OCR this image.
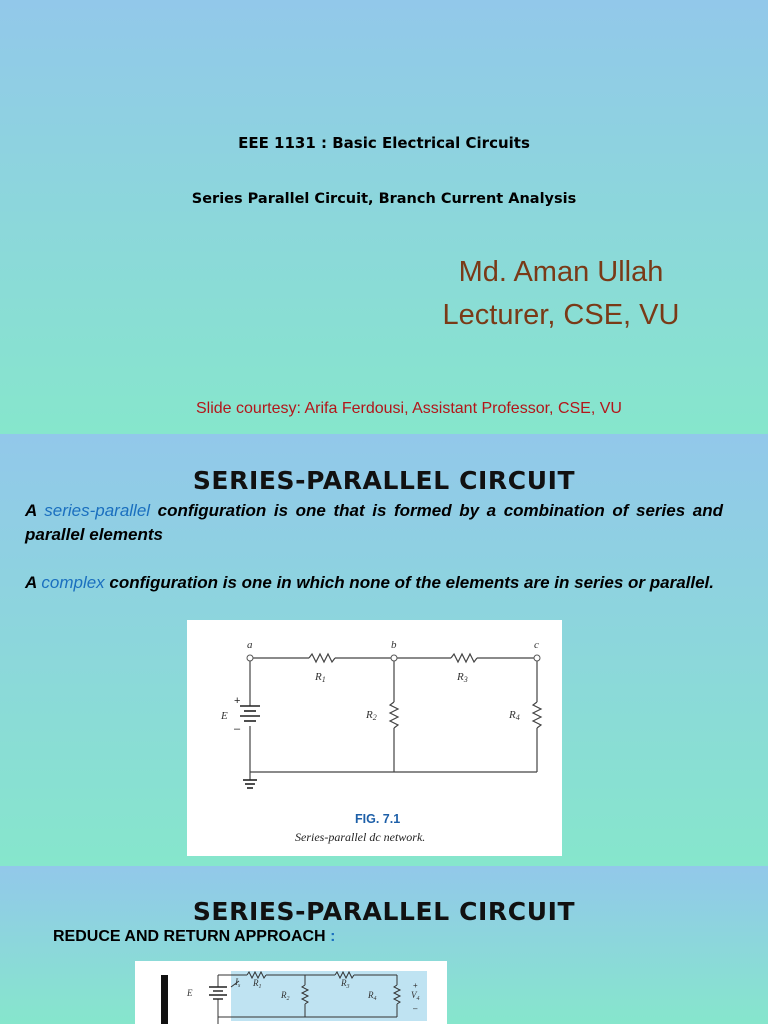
EEE 1131 : Basic Electrical Circuits
Series Parallel Circuit, Branch Current Analysis
Md. Aman Ullah
Lecturer, CSE, VU
Slide courtesy: Arifa Ferdousi, Assistant Professor, CSE, VU
SERIES-PARALLEL CIRCUIT
A series-parallel configuration is one that is formed by a combination of series and parallel elements
A complex configuration is one in which none of the elements are in series or parallel.
a	b	c
R1	R3
R2	R4
E
+
–
FIG. 7.1
Series-parallel dc network.
SERIES-PARALLEL CIRCUIT
REDUCE AND RETURN APPROACH :
E
$I_s$ $R_1$
$R_2$
$R_3$
$R_4$	$V_4$
+
–
